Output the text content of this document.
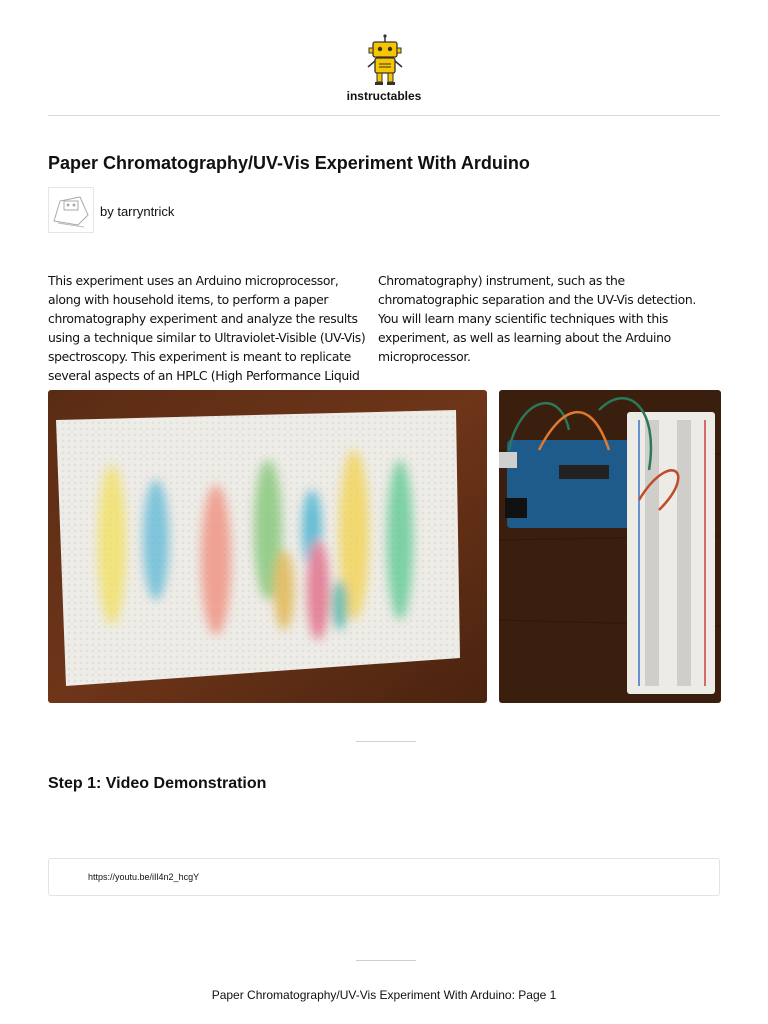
instructables
Paper Chromatography/UV-Vis Experiment With Arduino
by tarryntrick

This experiment uses an Arduino microprocessor, along with household items, to perform a paper chromatography experiment and analyze the results using a technique similar to Ultraviolet-Visible (UV-Vis) spectroscopy. This experiment is meant to replicate several aspects of an HPLC (High Performance Liquid

Chromatography) instrument, such as the chromatographic separation and the UV-Vis detection. You will learn many scientific techniques with this experiment, as well as learning about the Arduino microprocessor.

Step 1: Video Demonstration
https://youtu.be/iIl4n2_hcgY
Paper Chromatography/UV-Vis Experiment With Arduino: Page 1
